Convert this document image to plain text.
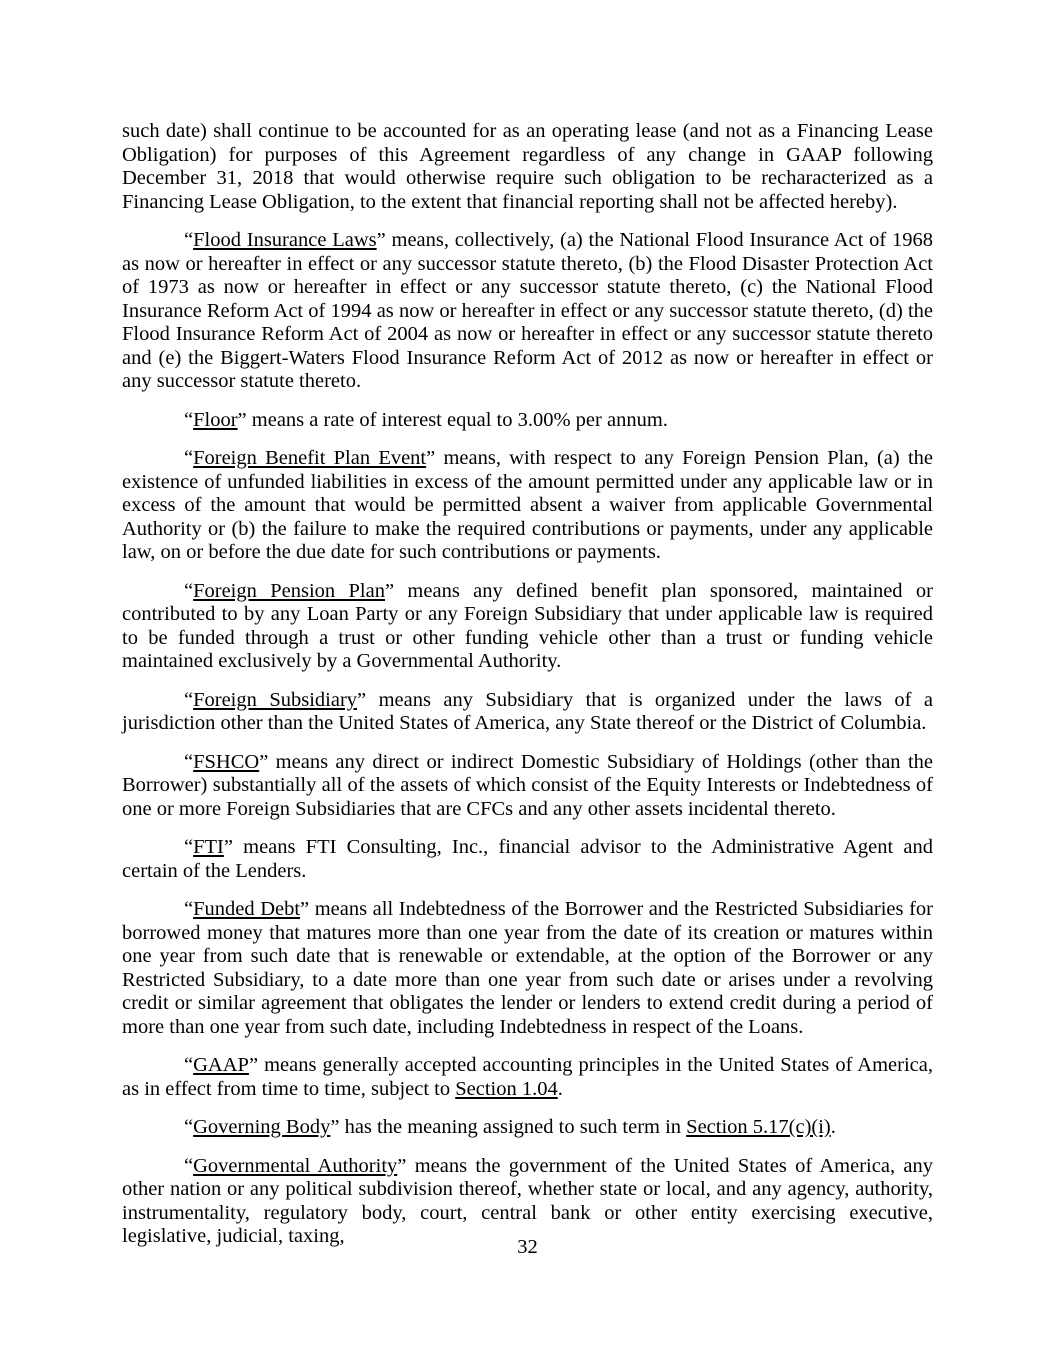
such date) shall continue to be accounted for as an operating lease (and not as a Financing Lease Obligation) for purposes of this Agreement regardless of any change in GAAP following December 31, 2018 that would otherwise require such obligation to be recharacterized as a Financing Lease Obligation, to the extent that financial reporting shall not be affected hereby).

“Flood Insurance Laws” means, collectively, (a) the National Flood Insurance Act of 1968 as now or hereafter in effect or any successor statute thereto, (b) the Flood Disaster Protection Act of 1973 as now or hereafter in effect or any successor statute thereto, (c) the National Flood Insurance Reform Act of 1994 as now or hereafter in effect or any successor statute thereto, (d) the Flood Insurance Reform Act of 2004 as now or hereafter in effect or any successor statute thereto and (e) the Biggert-Waters Flood Insurance Reform Act of 2012 as now or hereafter in effect or any successor statute thereto.

“Floor” means a rate of interest equal to 3.00% per annum.

“Foreign Benefit Plan Event” means, with respect to any Foreign Pension Plan, (a) the existence of unfunded liabilities in excess of the amount permitted under any applicable law or in excess of the amount that would be permitted absent a waiver from applicable Governmental Authority or (b) the failure to make the required contributions or payments, under any applicable law, on or before the due date for such contributions or payments.

“Foreign Pension Plan” means any defined benefit plan sponsored, maintained or contributed to by any Loan Party or any Foreign Subsidiary that under applicable law is required to be funded through a trust or other funding vehicle other than a trust or funding vehicle maintained exclusively by a Governmental Authority.

“Foreign Subsidiary” means any Subsidiary that is organized under the laws of a jurisdiction other than the United States of America, any State thereof or the District of Columbia.

“FSHCO” means any direct or indirect Domestic Subsidiary of Holdings (other than the Borrower) substantially all of the assets of which consist of the Equity Interests or Indebtedness of one or more Foreign Subsidiaries that are CFCs and any other assets incidental thereto.

“FTI” means FTI Consulting, Inc., financial advisor to the Administrative Agent and certain of the Lenders.

“Funded Debt” means all Indebtedness of the Borrower and the Restricted Subsidiaries for borrowed money that matures more than one year from the date of its creation or matures within one year from such date that is renewable or extendable, at the option of the Borrower or any Restricted Subsidiary, to a date more than one year from such date or arises under a revolving credit or similar agreement that obligates the lender or lenders to extend credit during a period of more than one year from such date, including Indebtedness in respect of the Loans.

“GAAP” means generally accepted accounting principles in the United States of America, as in effect from time to time, subject to Section 1.04.

“Governing Body” has the meaning assigned to such term in Section 5.17(c)(i).

“Governmental Authority” means the government of the United States of America, any other nation or any political subdivision thereof, whether state or local, and any agency, authority, instrumentality, regulatory body, court, central bank or other entity exercising executive, legislative, judicial, taxing,	32
